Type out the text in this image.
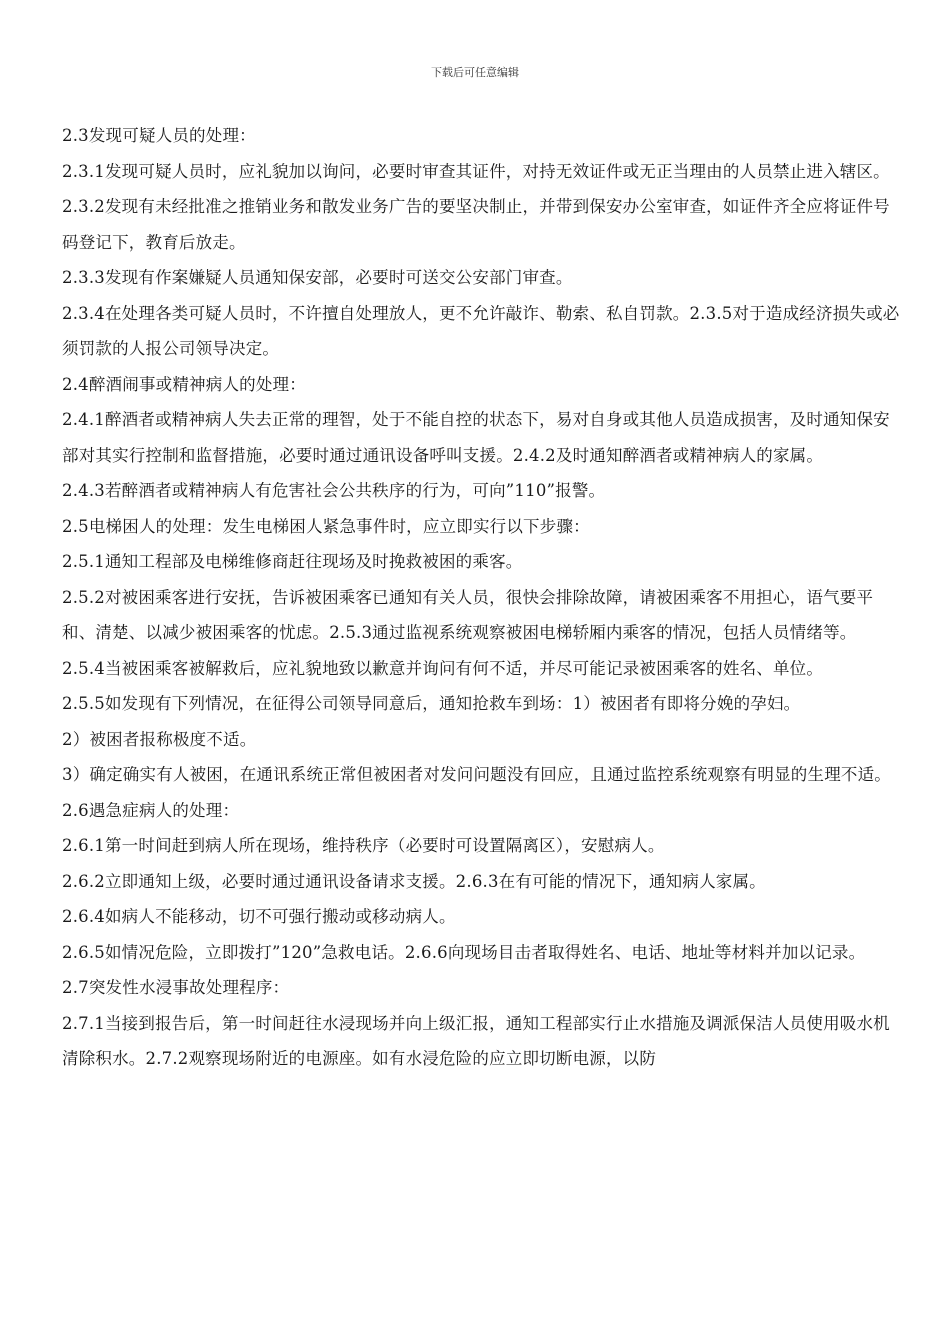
下载后可任意编辑

2.3发现可疑人员的处理：

2.3.1发现可疑人员时，应礼貌加以询问，必要时审查其证件，对持无效证件或无正当理由的人员禁止进入辖区。2.3.2发现有未经批准之推销业务和散发业务广告的要坚决制止，并带到保安办公室审查，如证件齐全应将证件号码登记下，教育后放走。

2.3.3发现有作案嫌疑人员通知保安部，必要时可送交公安部门审查。

2.3.4在处理各类可疑人员时，不许擅自处理放人，更不允许敲诈、勒索、私自罚款。2.3.5对于造成经济损失或必须罚款的人报公司领导决定。

2.4醉酒闹事或精神病人的处理：

2.4.1醉酒者或精神病人失去正常的理智，处于不能自控的状态下，易对自身或其他人员造成损害，及时通知保安部对其实行控制和监督措施，必要时通过通讯设备呼叫支援。2.4.2及时通知醉酒者或精神病人的家属。

2.4.3若醉酒者或精神病人有危害社会公共秩序的行为，可向”110”报警。

2.5电梯困人的处理：发生电梯困人紧急事件时，应立即实行以下步骤：

2.5.1通知工程部及电梯维修商赶往现场及时挽救被困的乘客。

2.5.2对被困乘客进行安抚，告诉被困乘客已通知有关人员，很快会排除故障，请被困乘客不用担心，语气要平和、清楚、以减少被困乘客的忧虑。2.5.3通过监视系统观察被困电梯轿厢内乘客的情况，包括人员情绪等。

2.5.4当被困乘客被解救后，应礼貌地致以歉意并询问有何不适，并尽可能记录被困乘客的姓名、单位。

2.5.5如发现有下列情况，在征得公司领导同意后，通知抢救车到场：1）被困者有即将分娩的孕妇。

2）被困者报称极度不适。

3）确定确实有人被困，在通讯系统正常但被困者对发问问题没有回应，且通过监控系统观察有明显的生理不适。2.6遇急症病人的处理：

2.6.1第一时间赶到病人所在现场，维持秩序（必要时可设置隔离区），安慰病人。

2.6.2立即通知上级，必要时通过通讯设备请求支援。2.6.3在有可能的情况下，通知病人家属。

2.6.4如病人不能移动，切不可强行搬动或移动病人。

2.6.5如情况危险，立即拨打”120”急救电话。2.6.6向现场目击者取得姓名、电话、地址等材料并加以记录。

2.7突发性水浸事故处理程序：

2.7.1当接到报告后，第一时间赶往水浸现场并向上级汇报，通知工程部实行止水措施及调派保洁人员使用吸水机清除积水。2.7.2观察现场附近的电源座。如有水浸危险的应立即切断电源，以防
